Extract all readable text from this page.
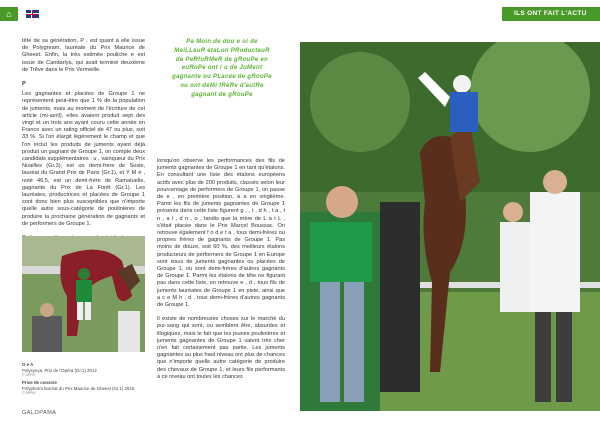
⌂	ILS ONT FAIT L'ACTU

tête de sa génération, P , est quant à elle issue de Polygream, lauréate du Prix Maurice de Gheest. Enfin, la très estimée pouliche e est issue de Candarlya, qui avait terminé deuxième de Trêve dans le Prix Vermeille.

P

Les gagnantes et placées de Groupe 1 ne représentent peut-être que 1 % de la population de juments, mais au moment de l'écriture de cet article (mi-avril), elles avaient produit sept des vingt et un trois ans ayant couru cette année en France avec un rating officiel de 47 ou plus, soit 33 %. Si l'on élargit légèrement le champ et que l'on inclut les produits de juments ayant déjà produit un gagnant de Groupe 1, on compte deux candidats supplémentaires : u , vainqueur du Prix Noailles (Gr.3), est un demi-frère de Sosie, lauréat du Grand Prix de Paris (Gr.1), et Y M é , noté 46,5, est un demi-frère de Ramatuelle, gagnante du Prix de La Forêt (Gr.1). Les lauréates, productrices et placées de Groupe 1 sont donc bien plus susceptibles que n'importe quelle autre sous-catégorie de poulinières de produire la prochaine génération de gagnants et de performers de Groupe 1.

Pa Moin de dou e oi de MeiLLeuR étaLon PRoducteuR de PeRfoRMeR de gRouPe en euRoPe ont i u de JuMent gagnante ou PLacée de gRouPe ou ont déMi fRèRe d'autRe gagnant de gRouPe
O e A
Polysynya, Prix de l'Opéra (Gr.1) 2012
© APRH
Prise de conscte
Polyphorm lauréat du Prix Maurice de Gheest (Gr.1) 2015
© APRH

lorsqu'on observe les performances des fils de juments gagnantes de Groupe 1 en tant qu'étalons. En consultant une liste des étalons européens actifs avec plus de 200 produits, classés selon leur pourcentage de performers de Groupe 1, on passe de e , en première position, à a en vingtième. Parmi les fils de juments gagnantes de Groupe 1 présents dans cette liste figurent g , , t , d h , t a , t n , a l , d n , o , tandis que la mère de L a t L , s'était placée dans le Prix Marcel Boussac. On retrouve également f o d e t a , tous demi-frères ou propres frères de gagnants de Groupe 1. Pas moins de douze, soit 60 %, des meilleurs étalons producteurs de performers de Groupe 1 en Europe sont issus de juments gagnantes ou placées de Groupe 1, ou sont demi-frères d'autres gagnants de Groupe 1. Parmi les étalons de tête ne figurant pas dans cette liste, on retrouve e , d , tous fils de juments lauréates de Groupe 1 en piste, ainsi que a c e M h , d , tous demi-frères d'autres gagnants de Groupe 1.

Il existe de nombreuses choses sur le marché du pur-sang qui sont, ou semblent être, absurdes et illogiques, mais le fait que les jeunes poulinières et juments gagnantes de Groupe 1 valent très cher n'en fait certainement pas partie. Les juments gagnantes au plus haut niveau ont plus de chances que n'importe quelle autre catégorie de produire des chevaux de Groupe 1, et leurs fils performants à ce niveau ont toutes les chances

GALOPAMA
